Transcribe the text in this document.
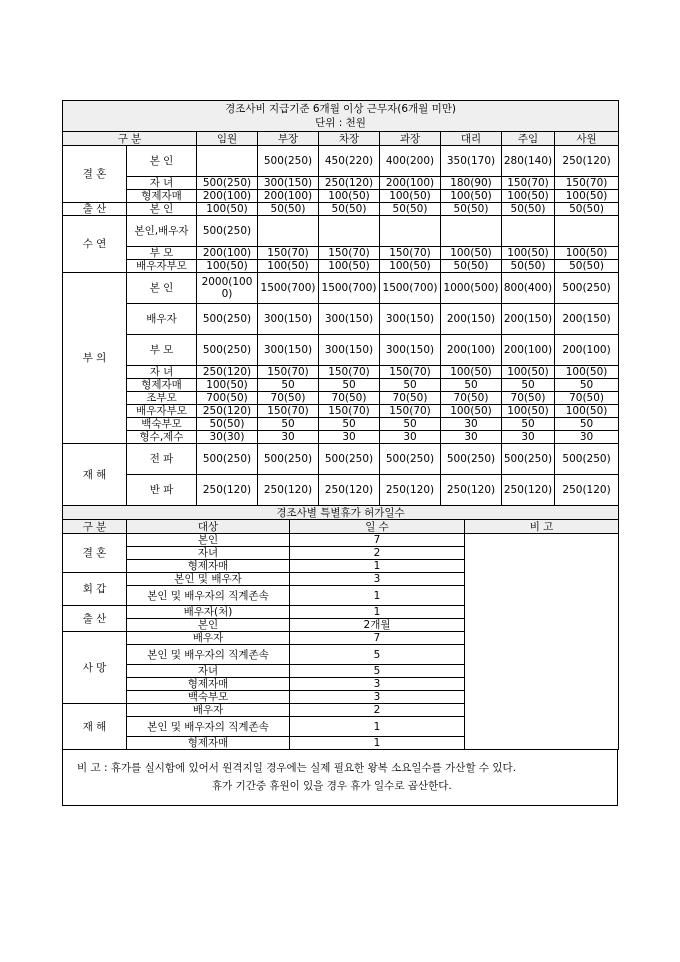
경조사비 지급기준 6개월 이상 근무자(6개월 미만)
단위 : 천원								

구 분		임원	부장	차장	과장	대리	주임	사원
결 혼	본 인		500(250)	450(220)	400(200)	350(170)	280(140)	250(120)
	자 녀	500(250)	300(150)	250(120)	200(100)	180(90)	150(70)	150(70)
	형제자매	200(100)	200(100)	100(50)	100(50)	100(50)	100(50)	100(50)
출 산	본 인	100(50)	50(50)	50(50)	50(50)	50(50)	50(50)	50(50)
수 연	본인,배우자	500(250)						
	부 모	200(100)	150(70)	150(70)	150(70)	100(50)	100(50)	100(50)
	배우자부모	100(50)	100(50)	100(50)	100(50)	50(50)	50(50)	50(50)
부 의	본 인	2000(1000)	1500(700)	1500(700)	1500(700)	1000(500)	800(400)	500(250)
	배우자	500(250)	300(150)	300(150)	300(150)	200(150)	200(150)	200(150)
	부 모	500(250)	300(150)	300(150)	300(150)	200(100)	200(100)	200(100)
	자 녀	250(120)	150(70)	150(70)	150(70)	100(50)	100(50)	100(50)
	형제자매	100(50)	50	50	50	50	50	50
	조부모	700(50)	70(50)	70(50)	70(50)	70(50)	70(50)	70(50)
	배우자부모	250(120)	150(70)	150(70)	150(70)	100(50)	100(50)	100(50)
	백숙부모	50(50)	50	50	50	30	50	50
	형수,제수	30(30)	30	30	30	30	30	30
재 해	전 파	500(250)	500(250)	500(250)	500(250)	500(250)	500(250)	500(250)
	반 파	250(120)	250(120)	250(120)	250(120)	250(120)	250(120)	250(120)
경조사별 특별휴가 허가일수			
구 분	대상	일 수	비 고
결 혼	본인	7	
	자녀	2	
	형제자매	1	
회 갑	본인 및 배우자	3	
	본인 및 배우자의 직계존속	1	
출 산	배우자(처)	1	
	본인	2개월	
사 망	배우자	7	
	본인 및 배우자의 직계존속	5	
	자녀	5	
	형제자매	3	
	백숙부모	3	
재 해	배우자	2	
	본인 및 배우자의 직계존속	1	
	형제자매	1	
비 고 : 휴가를 실시함에 있어서 원격지일 경우에는 실제 필요한 왕복 소요일수를 가산할 수 있다.
휴가 기간중 휴원이 있을 경우 휴가 일수로 곱산한다.
